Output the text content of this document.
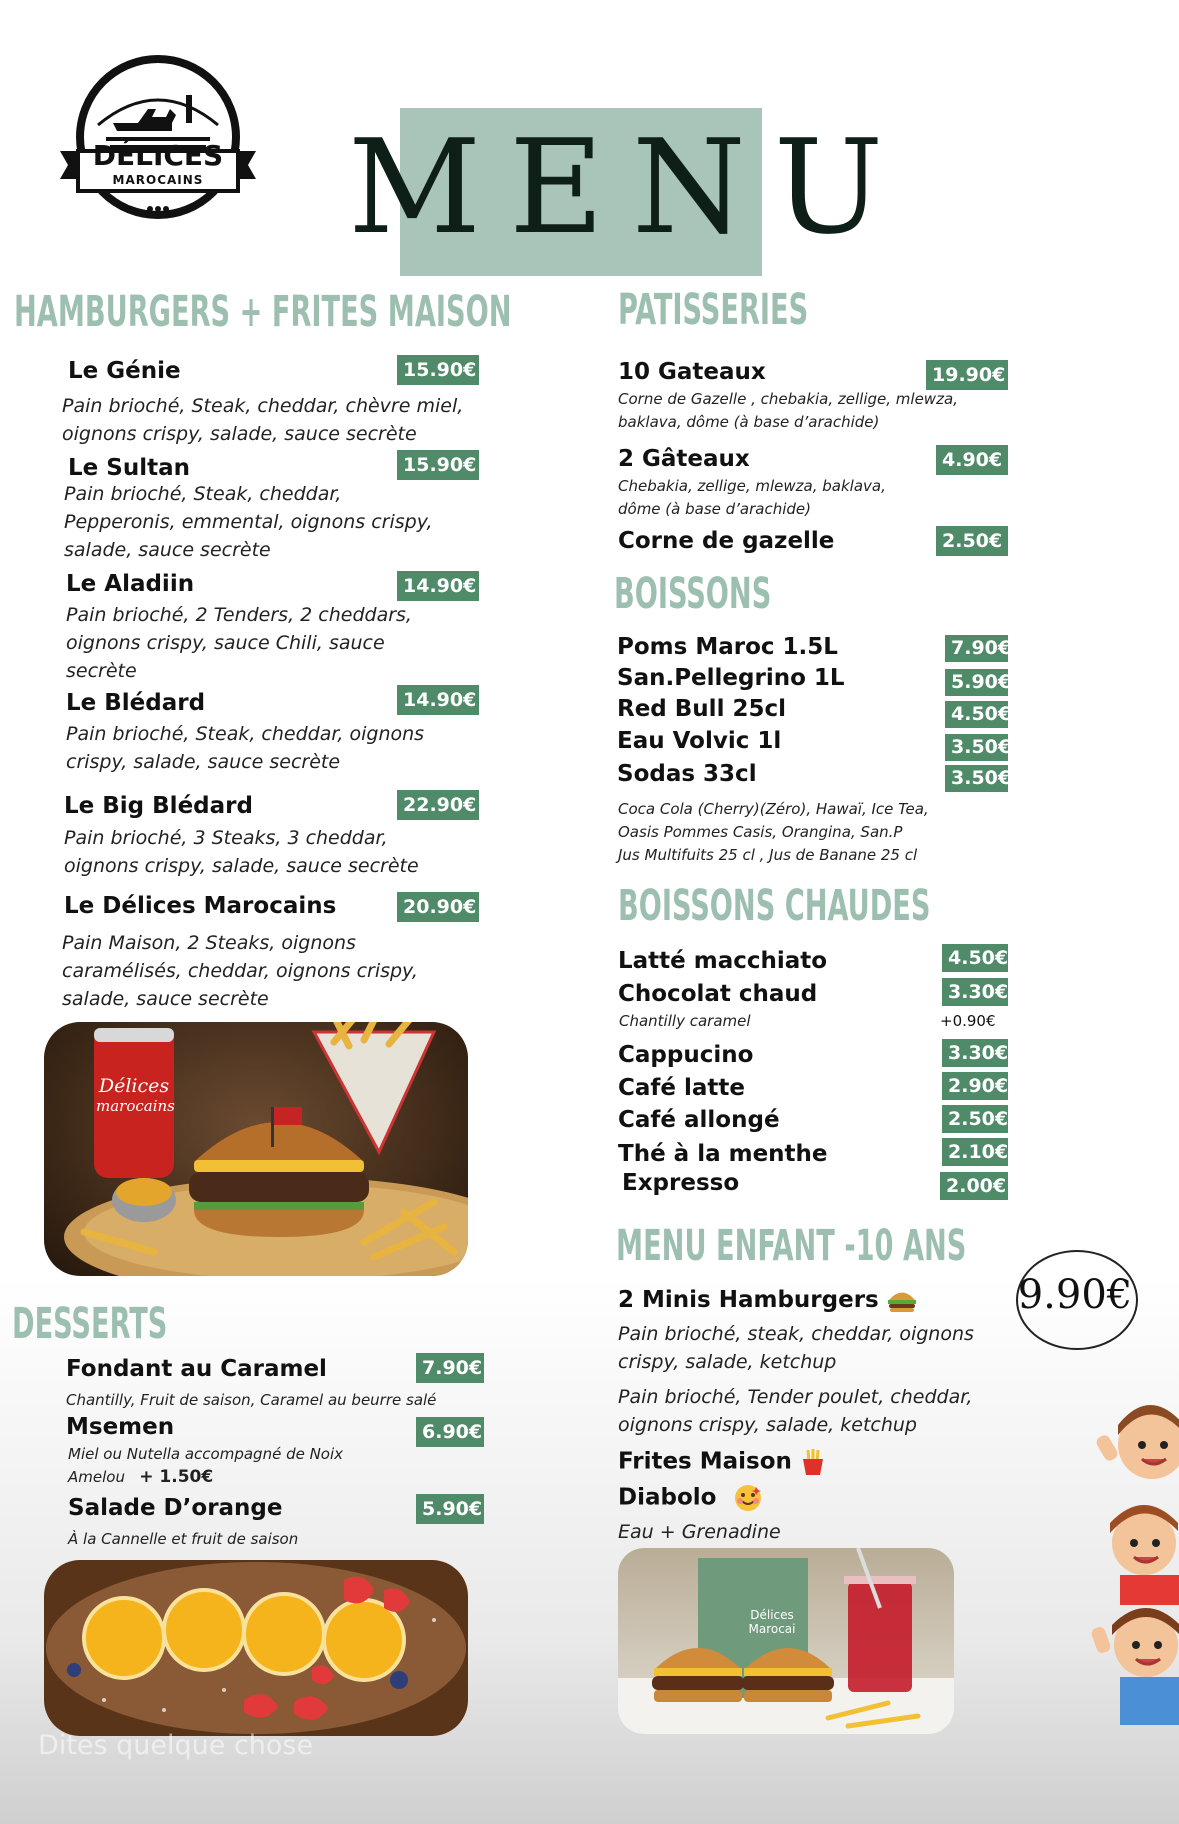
DÉLICES
MAROCAINS MENU
HAMBURGERS + FRITES MAISON
Le Génie	15.90€
Pain brioché, Steak, cheddar, chèvre miel,
oignons crispy, salade, sauce secrète
Le Sultan	15.90€
Pain brioché, Steak, cheddar,
Pepperonis, emmental, oignons crispy,
salade, sauce secrète
Le Aladiin	14.90€
Pain brioché, 2 Tenders, 2 cheddars,
oignons crispy, sauce Chili, sauce
secrète
Le Blédard	14.90€
Pain brioché, Steak, cheddar, oignons
crispy, salade, sauce secrète
Le Big Blédard	22.90€
Pain brioché, 3 Steaks, 3 cheddar,
oignons crispy, salade, sauce secrète
Le Délices Marocains	20.90€
Pain Maison, 2 Steaks, oignons
caramélisés, cheddar, oignons crispy,
salade, sauce secrète
Délices
marocains
DESSERTS
Fondant au Caramel	7.90€
Chantilly, Fruit de saison, Caramel au beurre salé
Msemen	6.90€
Miel ou Nutella accompagné de Noix
Amelou + 1.50€
Salade D’orange	5.90€
À la Cannelle et fruit de saison
PATISSERIES
10 Gateaux	19.90€
Corne de Gazelle , chebakia, zellige, mlewza,
baklava, dôme (à base d’arachide)
2 Gâteaux	4.90€
Chebakia, zellige, mlewza, baklava,
dôme (à base d’arachide)
Corne de gazelle	2.50€
BOISSONS
Poms Maroc 1.5L	7.90€
San.Pellegrino 1L	5.90€
Red Bull 25cl	4.50€
Eau Volvic 1l	3.50€
Sodas 33cl	3.50€
Coca Cola (Cherry)(Zéro), Hawaï, Ice Tea,
Oasis Pommes Casis, Orangina, San.P
Jus Multifuits 25 cl , Jus de Banane 25 cl
BOISSONS CHAUDES
Latté macchiato	4.50€
Chocolat chaud	3.30€
Chantilly caramel	+0.90€
Cappucino	3.30€
Café latte	2.90€
Café allongé	2.50€
Thé à la menthe	2.10€
Expresso	2.00€
MENU ENFANT -10 ANS
9.90€
2 Minis Hamburgers
Pain brioché, steak, cheddar, oignons
crispy, salade, ketchup
Pain brioché, Tender poulet, cheddar,
oignons crispy, salade, ketchup
Frites Maison
Diabolo
Eau + Grenadine
Délices
Marocai
Dites quelque chose
